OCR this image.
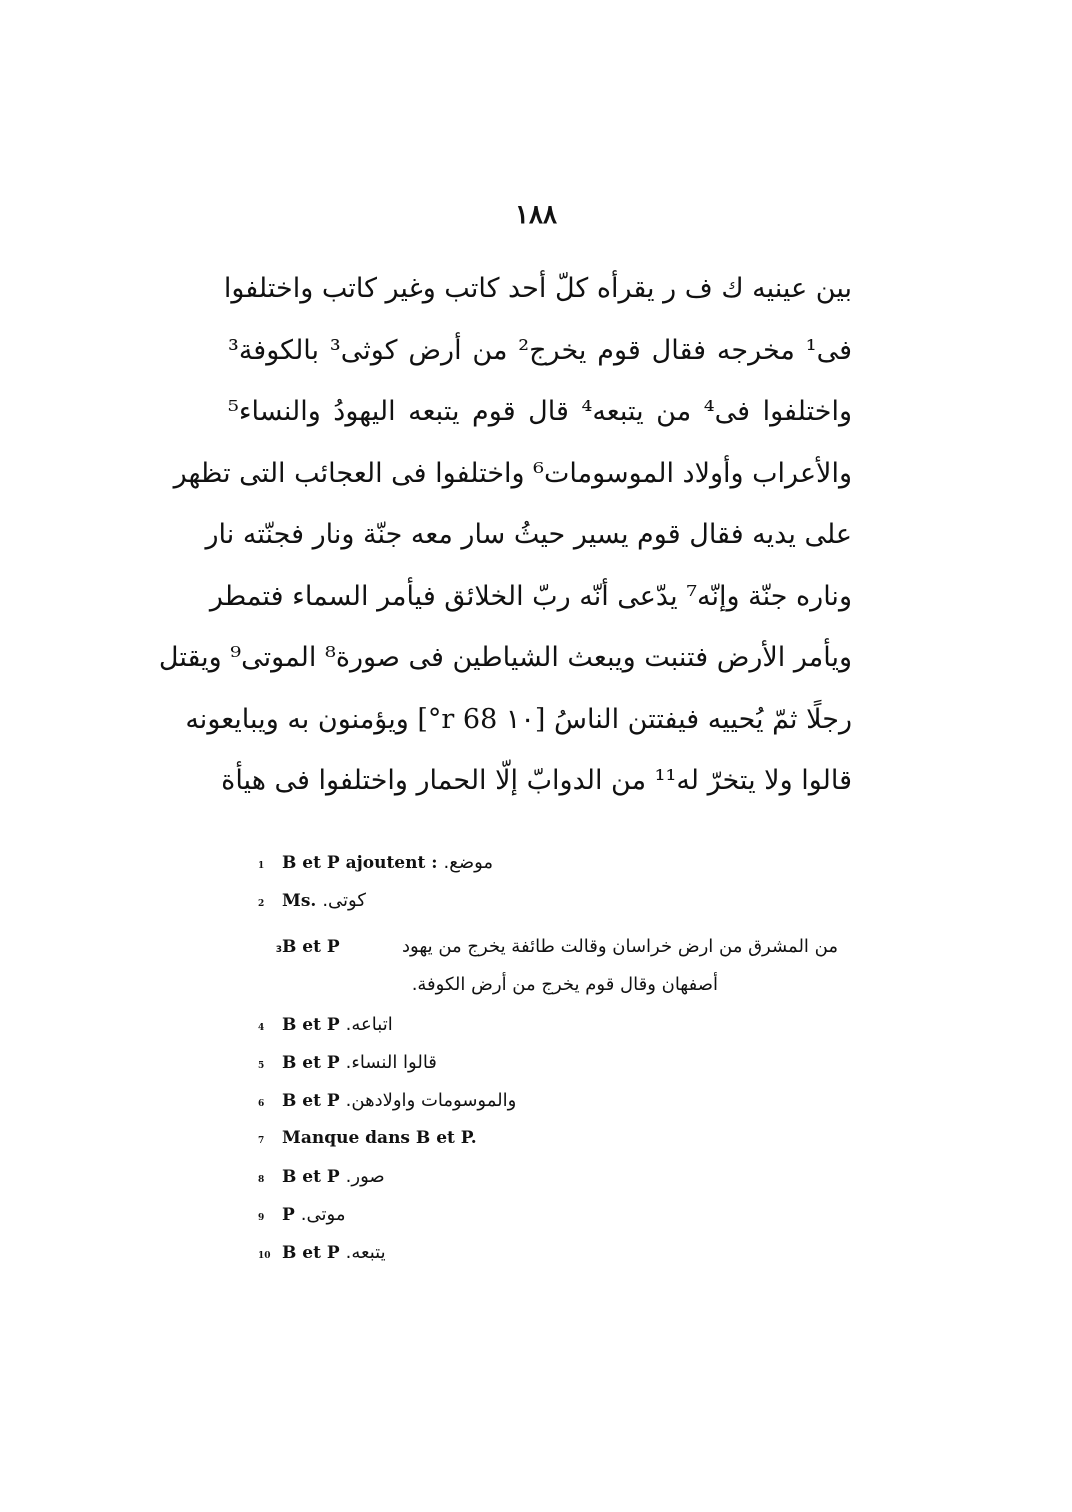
١٨٨
بين عينيه ك ف ر يقرأه كلّ أحد كاتب وغير كاتب واختلفوا
فى¹ مخرجه فقال قوم يخرج² من أرض كوثى³ بالكوفة³
واختلفوا فى⁴ من يتبعه⁴ قال قوم يتبعه اليهودُ والنساء⁵
والأعراب وأولاد الموسومات⁶ واختلفوا فى العجائب التى تظهر
على يديه فقال قوم يسير حيثُ سار معه جنّة ونار فجنّته نار
وناره جنّة وإنّه⁷ يدّعى أنّه ربّ الخلائق فيأمر السماء فتمطر
ويأمر الأرض فتنبت ويبعث الشياطين فى صورة⁸ الموتى⁹ ويقتل
رجلًا ثمّ يُحييه فيفتتن الناسُ [١٠ 68 r°] ويؤمنون به ويبايعونه
قالوا ولا يتخرّ له¹¹ من الدوابّ إلّا الحمار واختلفوا فى هيأة
1	B et P ajoutent : موضع.
2	Ms. كوتى.
3 B et P	من المشرق من ارض خراسان وقالت طائفة يخرج من يهود
أصفهان وقال قوم يخرج من أرض الكوفة.
4	B et P اتباعه.
5	B et P قالوا النساء.
6	B et P والموسومات واولادهن.
7	Manque dans B et P.
8	B et P صور.
9	P موتى.
10 B et P يتبعه.
